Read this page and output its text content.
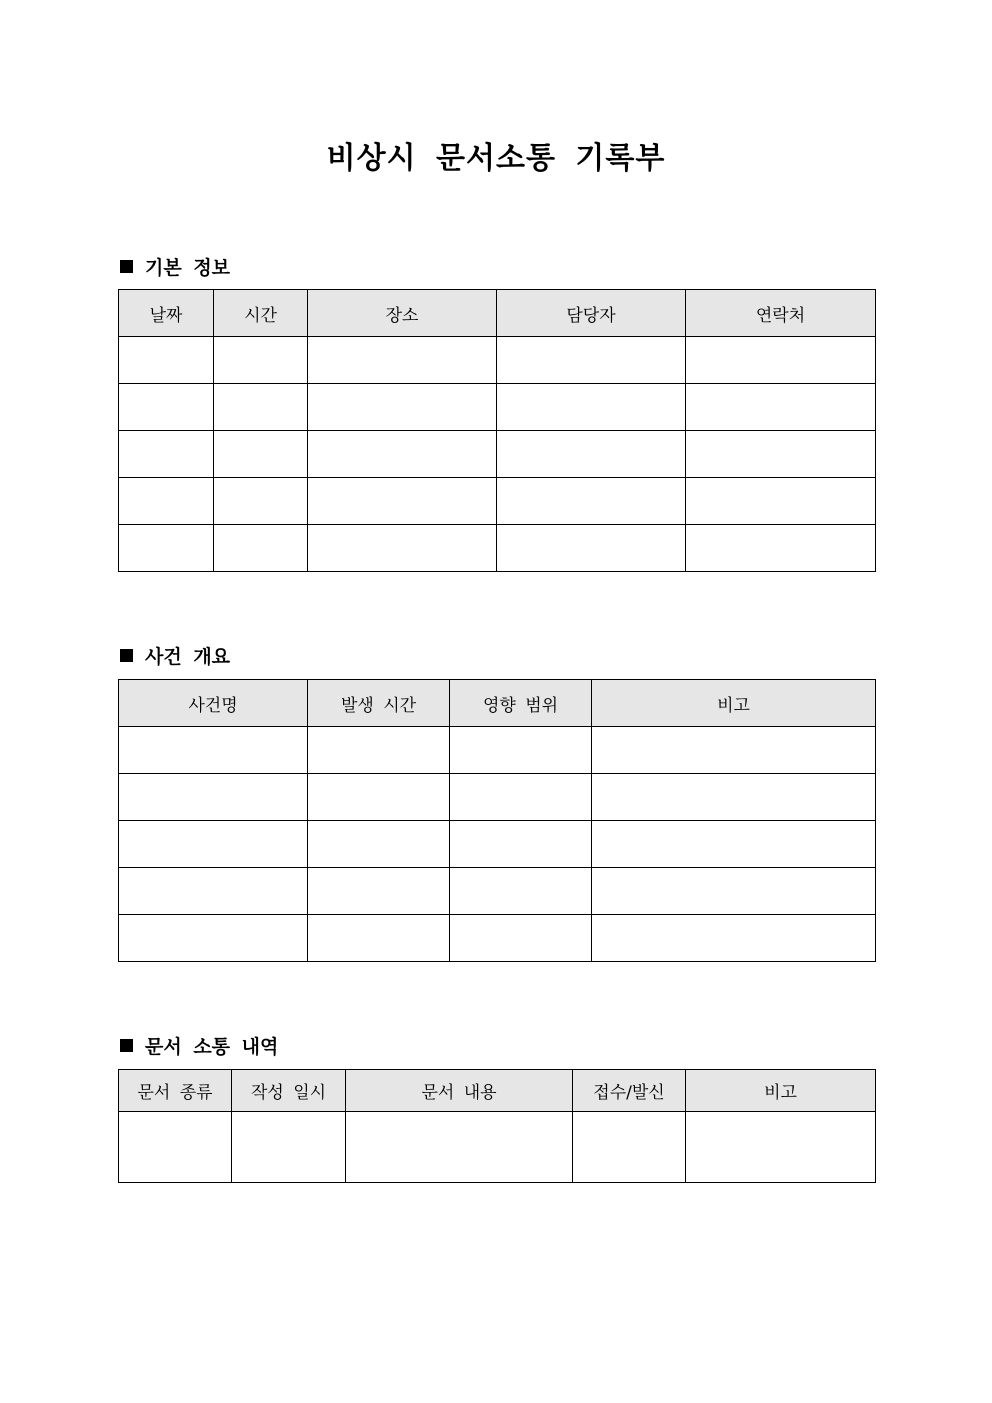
비상시 문서소통 기록부
기본 정보
날짜	시간	장소	담당자	연락처

사건 개요
사건명	발생 시간	영향 범위	비고

문서 소통 내역
문서 종류	작성 일시	문서 내용	접수/발신	비고
